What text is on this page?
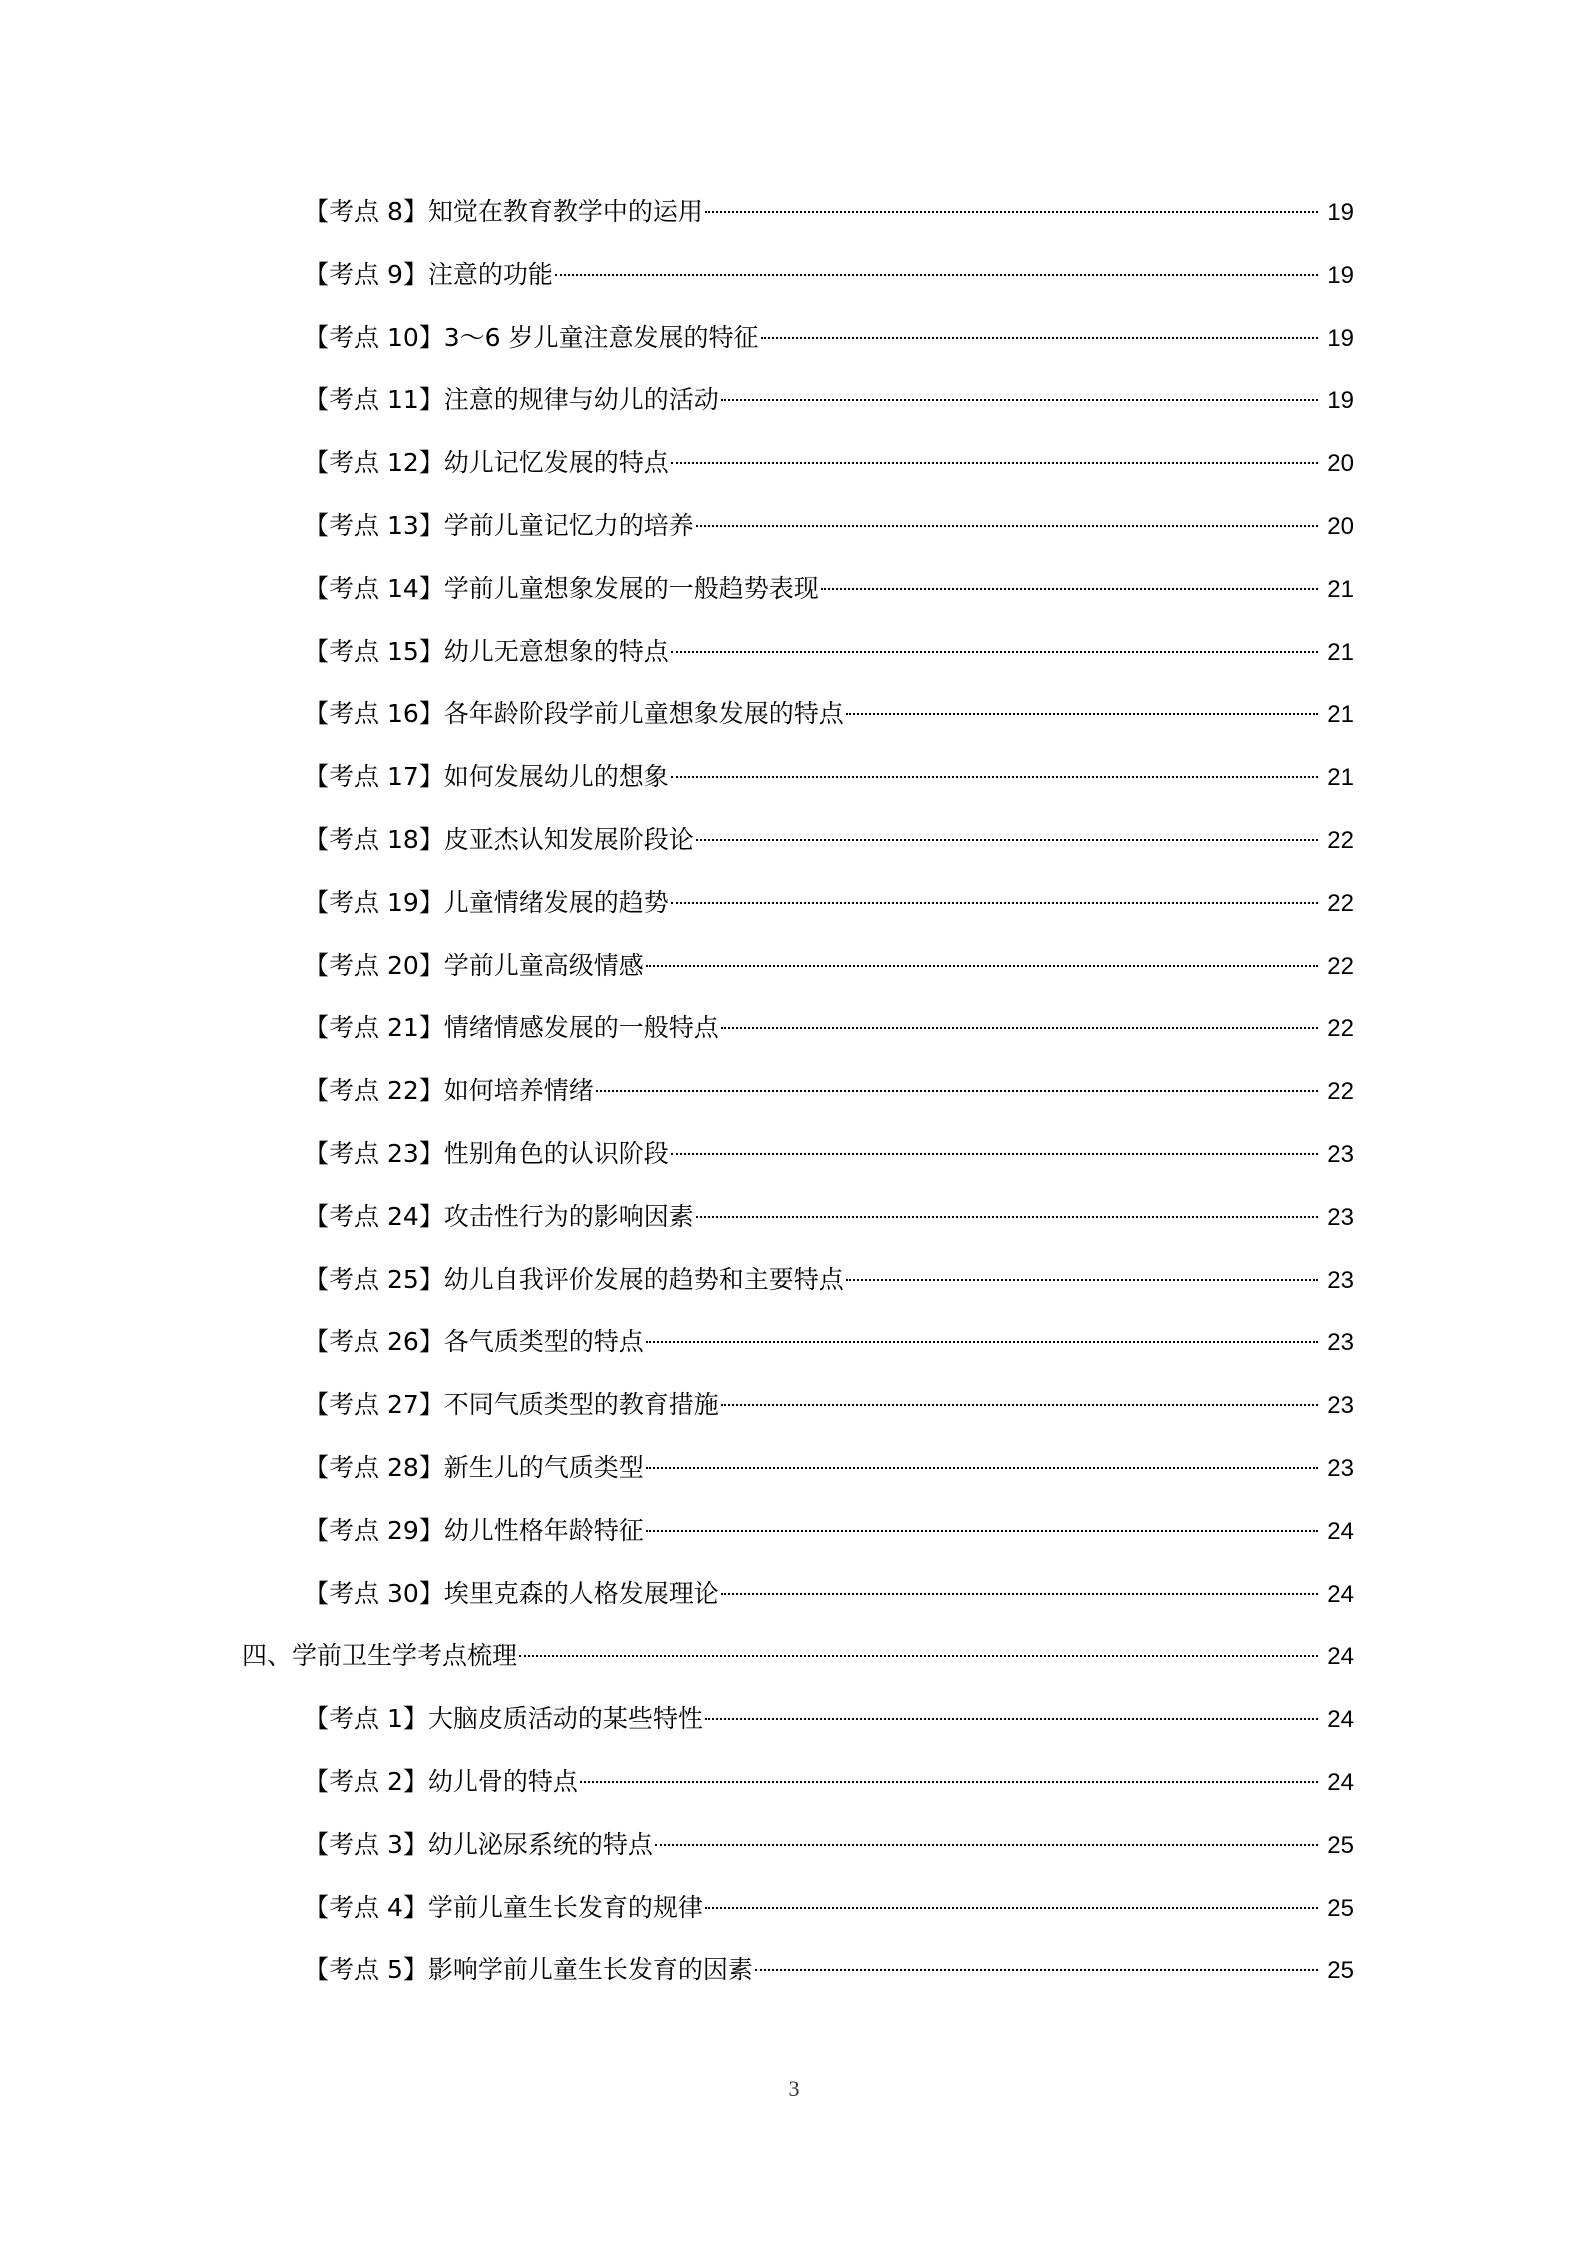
【考点 8】知觉在教育教学中的运用	19
【考点 9】注意的功能	19
【考点 10】3～6 岁儿童注意发展的特征	19
【考点 11】注意的规律与幼儿的活动	19
【考点 12】幼儿记忆发展的特点	20
【考点 13】学前儿童记忆力的培养	20
【考点 14】学前儿童想象发展的一般趋势表现	21
【考点 15】幼儿无意想象的特点	21
【考点 16】各年龄阶段学前儿童想象发展的特点	21
【考点 17】如何发展幼儿的想象	21
【考点 18】皮亚杰认知发展阶段论	22
【考点 19】儿童情绪发展的趋势	22
【考点 20】学前儿童高级情感	22
【考点 21】情绪情感发展的一般特点	22
【考点 22】如何培养情绪	22
【考点 23】性别角色的认识阶段	23
【考点 24】攻击性行为的影响因素	23
【考点 25】幼儿自我评价发展的趋势和主要特点	23
【考点 26】各气质类型的特点	23
【考点 27】不同气质类型的教育措施	23
【考点 28】新生儿的气质类型	23
【考点 29】幼儿性格年龄特征	24
【考点 30】埃里克森的人格发展理论	24
四、学前卫生学考点梳理	24
【考点 1】大脑皮质活动的某些特性	24
【考点 2】幼儿骨的特点	24
【考点 3】幼儿泌尿系统的特点	25
【考点 4】学前儿童生长发育的规律	25
【考点 5】影响学前儿童生长发育的因素	25
3
